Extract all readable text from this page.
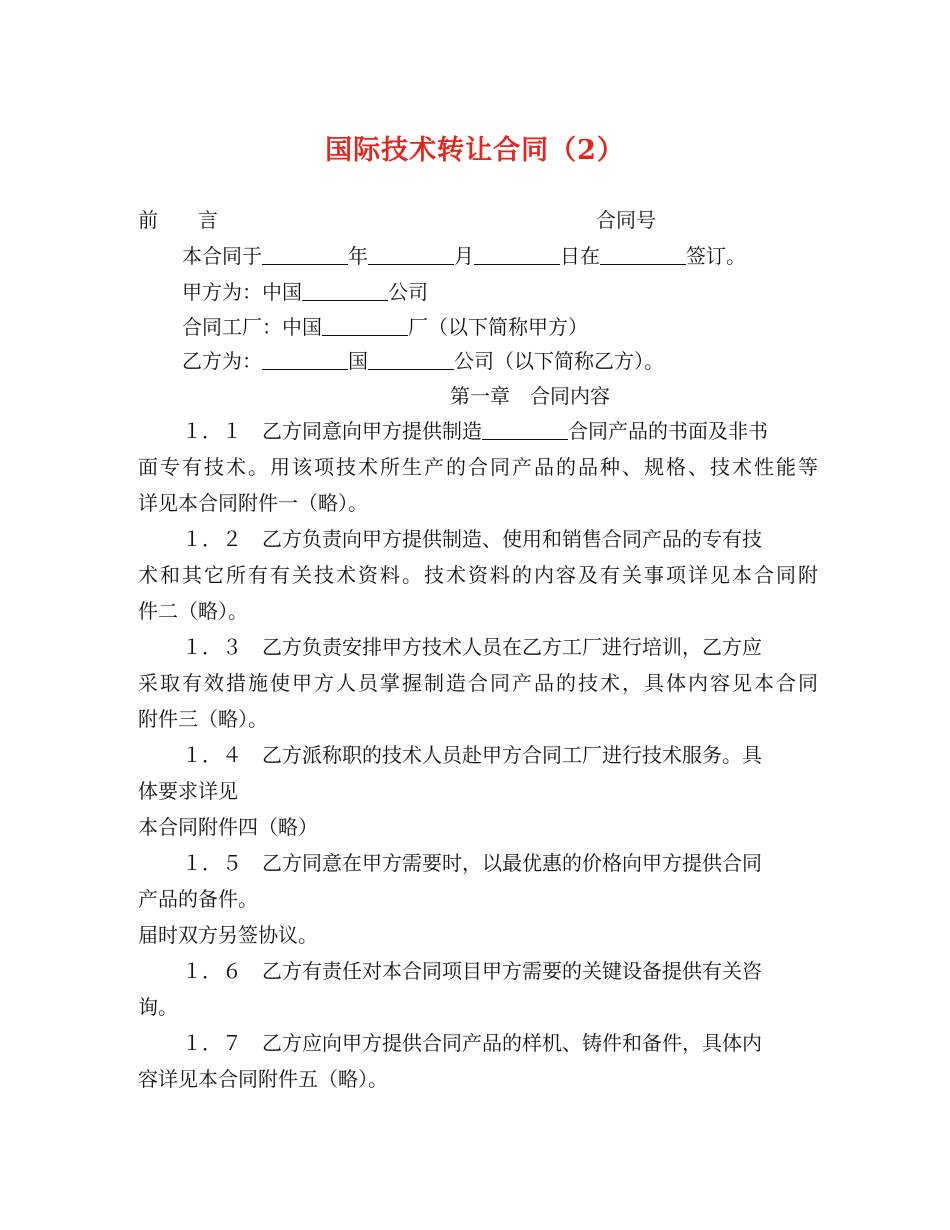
国际技术转让合同（2）
前　　言	合同号
本合同于	年	月	日在	签订。
甲方为：中国	公司
合同工厂：中国	厂（以下简称甲方）
乙方为：	国	公司（以下简称乙方）。
第一章　合同内容
１．１　乙方同意向甲方提供制造	合同产品的书面及非书
面专有技术。用该项技术所生产的合同产品的品种、规格、技术性能等
详见本合同附件一（略）。
１．２　乙方负责向甲方提供制造、使用和销售合同产品的专有技
术和其它所有有关技术资料。技术资料的内容及有关事项详见本合同附
件二（略）。
１．３　乙方负责安排甲方技术人员在乙方工厂进行培训，乙方应
采取有效措施使甲方人员掌握制造合同产品的技术，具体内容见本合同
附件三（略）。
１．４　乙方派称职的技术人员赴甲方合同工厂进行技术服务。具
体要求详见
本合同附件四（略）
１．５　乙方同意在甲方需要时，以最优惠的价格向甲方提供合同
产品的备件。
届时双方另签协议。
１．６　乙方有责任对本合同项目甲方需要的关键设备提供有关咨
询。
１．７　乙方应向甲方提供合同产品的样机、铸件和备件，具体内
容详见本合同附件五（略）。
